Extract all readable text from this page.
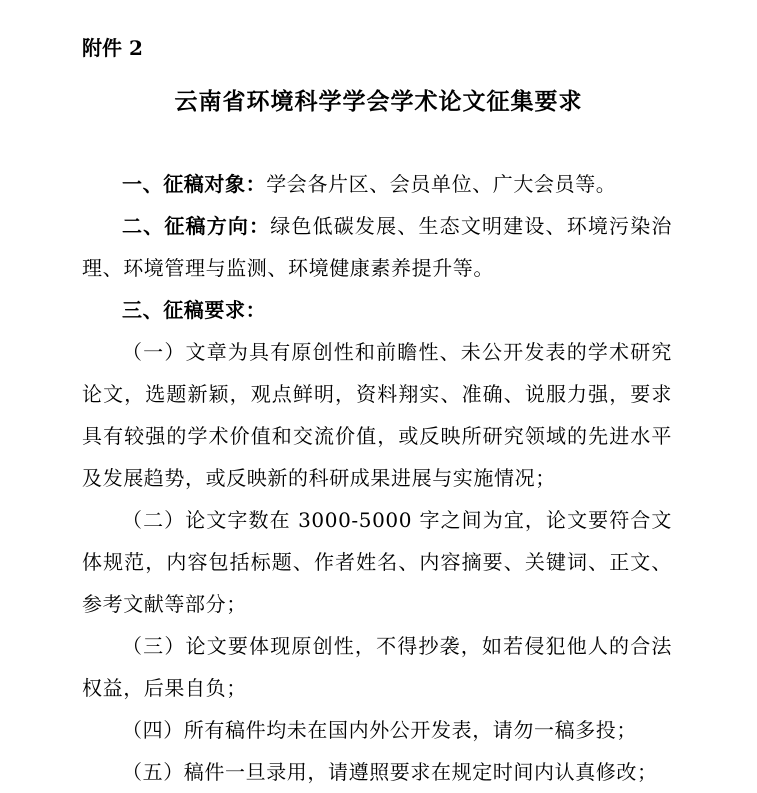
附件 2
云南省环境科学学会学术论文征集要求

一、征稿对象：学会各片区、会员单位、广大会员等。

二、征稿方向：绿色低碳发展、生态文明建设、环境污染治理、环境管理与监测、环境健康素养提升等。

三、征稿要求：

（一）文章为具有原创性和前瞻性、未公开发表的学术研究论文，选题新颖，观点鲜明，资料翔实、准确、说服力强，要求具有较强的学术价值和交流价值，或反映所研究领域的先进水平及发展趋势，或反映新的科研成果进展与实施情况；

（二）论文字数在 3000-5000 字之间为宜，论文要符合文体规范，内容包括标题、作者姓名、内容摘要、关键词、正文、参考文献等部分；

（三）论文要体现原创性，不得抄袭，如若侵犯他人的合法权益，后果自负；

（四）所有稿件均未在国内外公开发表，请勿一稿多投；

（五）稿件一旦录用，请遵照要求在规定时间内认真修改；
